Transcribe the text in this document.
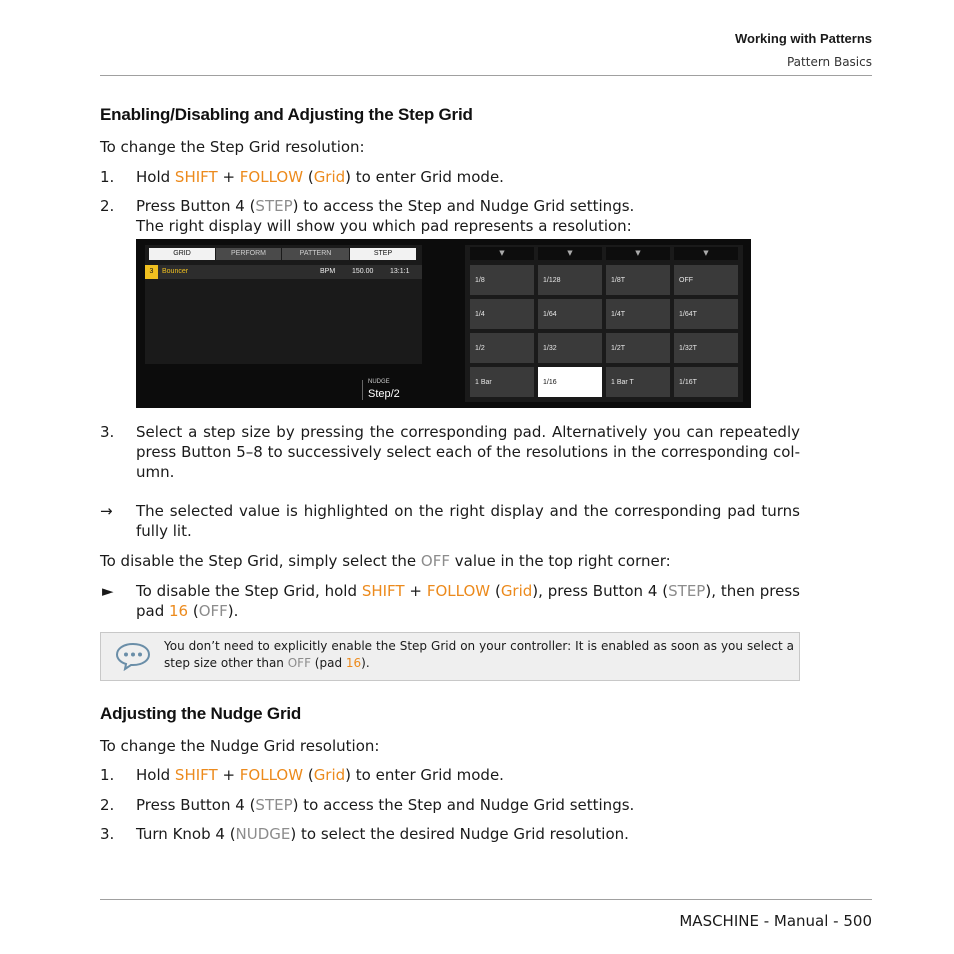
Working with Patterns
Pattern Basics
Enabling/Disabling and Adjusting the Step Grid
To change the Step Grid resolution:
1.	Hold SHIFT + FOLLOW (Grid) to enter Grid mode.
2.	Press Button 4 (STEP) to access the Step and Nudge Grid settings.
The right display will show you which pad represents a resolution:
GRID	PERFORM	PATTERN	STEP
3	Bouncer	BPM 150.00 13:1:1
NUDGE
Step/2
▼	▼	▼	▼
1/8	1/128	1/8T	OFF
1/4	1/64	1/4T	1/64T
1/2	1/32	1/2T	1/32T
1 Bar	1/16	1 Bar T	1/16T
3.	Select a step size by pressing the corresponding pad. Alternatively you can repeatedly press Button 5–8 to successively select each of the resolutions in the corresponding col-umn.
→	The selected value is highlighted on the right display and the corresponding pad turns fully lit.
To disable the Step Grid, simply select the OFF value in the top right corner:
►	To disable the Step Grid, hold SHIFT + FOLLOW (Grid), press Button 4 (STEP), then press pad 16 (OFF).
You don’t need to explicitly enable the Step Grid on your controller: It is enabled as soon as you select a step size other than OFF (pad 16).
Adjusting the Nudge Grid
To change the Nudge Grid resolution:
1.	Hold SHIFT + FOLLOW (Grid) to enter Grid mode.
2.	Press Button 4 (STEP) to access the Step and Nudge Grid settings.
3.	Turn Knob 4 (NUDGE) to select the desired Nudge Grid resolution.
MASCHINE - Manual - 500
